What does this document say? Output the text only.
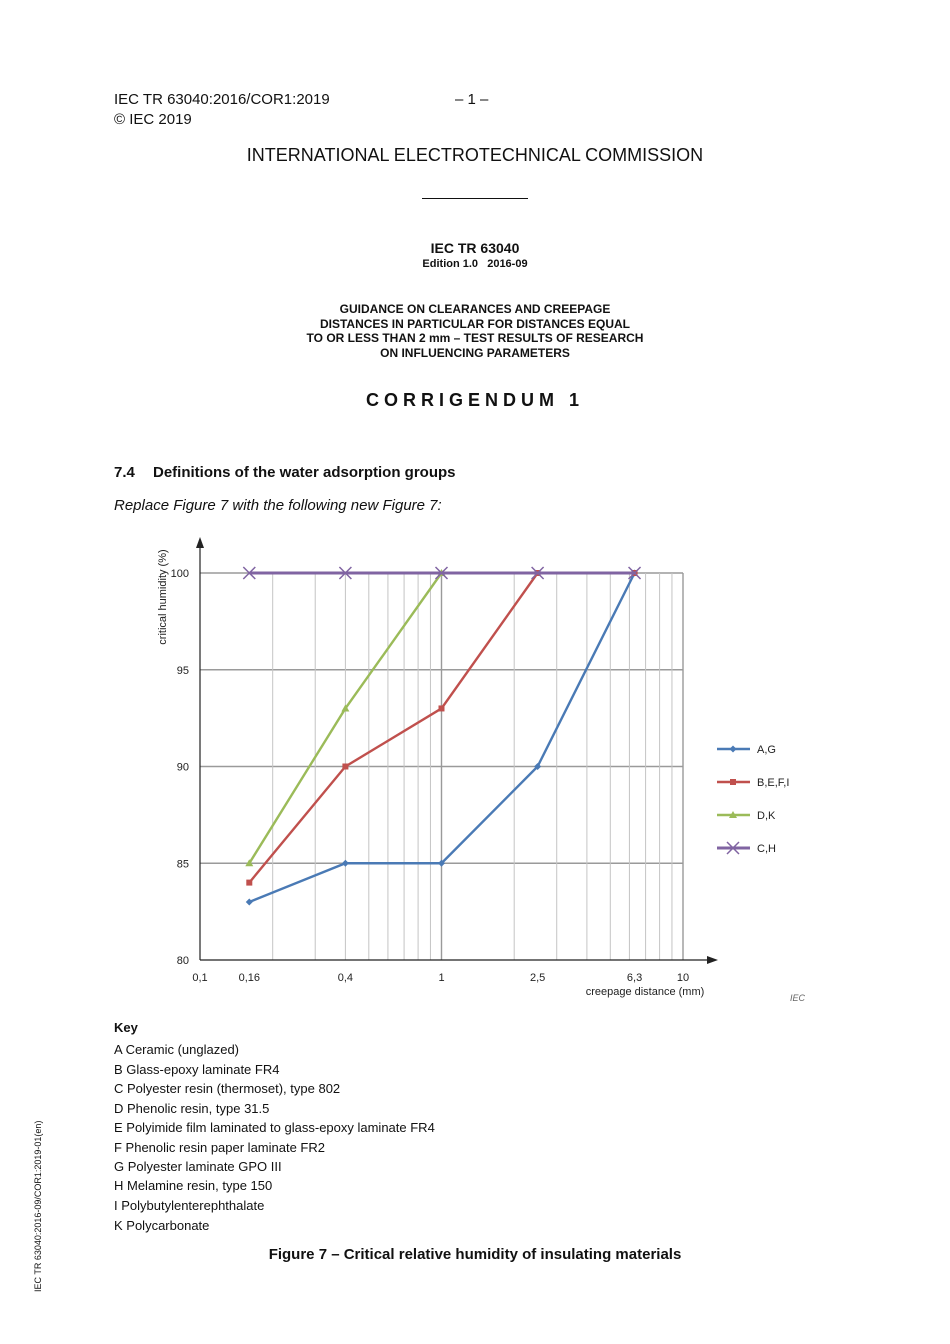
IEC TR 63040:2016/COR1:2019	– 1 –
© IEC 2019
INTERNATIONAL ELECTROTECHNICAL COMMISSION
IEC TR 63040
Edition 1.0   2016-09
GUIDANCE ON CLEARANCES AND CREEPAGE
DISTANCES IN PARTICULAR FOR DISTANCES EQUAL
TO OR LESS THAN 2 mm – TEST RESULTS OF RESEARCH
ON INFLUENCING PARAMETERS
CORRIGENDUM 1
7.4 Definitions of the water adsorption groups
Replace Figure 7 with the following new Figure 7:
80
85
90
95
100
0,1	0,16	0,4	1	2,5	6,3	10
critical humidity (%)
creepage distance (mm)
A,G
B,E,F,I
D,K
C,H
IEC
Key
A Ceramic (unglazed)
B Glass-epoxy laminate FR4
C Polyester resin (thermoset), type 802
D Phenolic resin, type 31.5
E Polyimide film laminated to glass-epoxy laminate FR4
F Phenolic resin paper laminate FR2
G Polyester laminate GPO III
H Melamine resin, type 150
I Polybutylenterephthalate
K Polycarbonate
Figure 7 – Critical relative humidity of insulating materials
IEC TR 63040:2016-09/COR1:2019-01(en)
